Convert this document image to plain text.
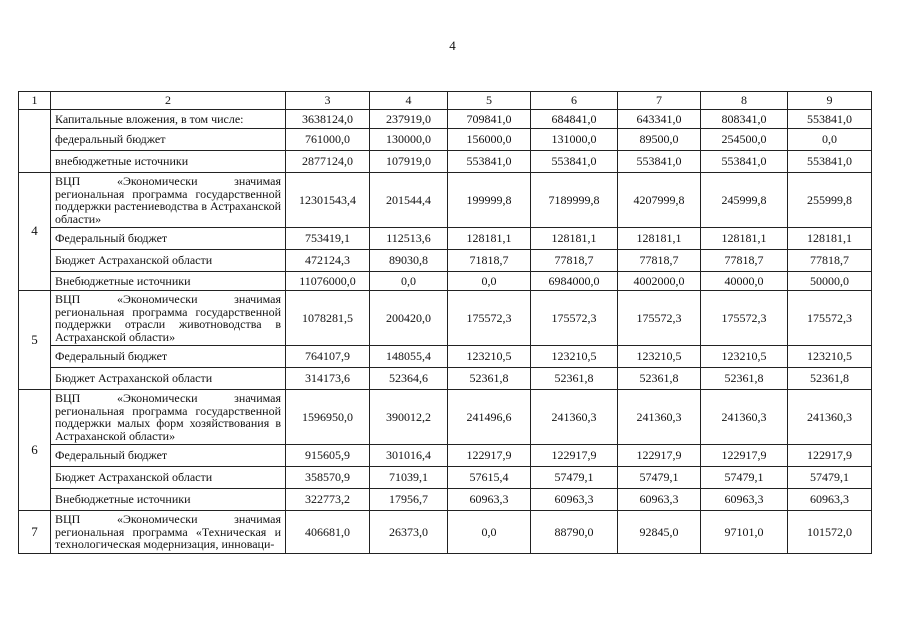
4
1	2	3	4	5	6	7	8	9
	Капитальные вложения, в том числе:	3638124,0	237919,0	709841,0	684841,0	643341,0	808341,0	553841,0
	федеральный бюджет	761000,0	130000,0	156000,0	131000,0	89500,0	254500,0	0,0
	внебюджетные источники	2877124,0	107919,0	553841,0	553841,0	553841,0	553841,0	553841,0
4	ВЦП «Экономически значимая региональная программа государственной поддержки растениеводства в Астраханской области»	12301543,4	201544,4	199999,8	7189999,8	4207999,8	245999,8	255999,8
	Федеральный бюджет	753419,1	112513,6	128181,1	128181,1	128181,1	128181,1	128181,1
	Бюджет Астраханской области	472124,3	89030,8	71818,7	77818,7	77818,7	77818,7	77818,7
	Внебюджетные источники	11076000,0	0,0	0,0	6984000,0	4002000,0	40000,0	50000,0
5	ВЦП «Экономически значимая региональная программа государственной поддержки отрасли животноводства в Астраханской области»	1078281,5	200420,0	175572,3	175572,3	175572,3	175572,3	175572,3
	Федеральный бюджет	764107,9	148055,4	123210,5	123210,5	123210,5	123210,5	123210,5
	Бюджет Астраханской области	314173,6	52364,6	52361,8	52361,8	52361,8	52361,8	52361,8
6	ВЦП «Экономически значимая региональная программа государственной поддержки малых форм хозяйствования в Астраханской области»	1596950,0	390012,2	241496,6	241360,3	241360,3	241360,3	241360,3
	Федеральный бюджет	915605,9	301016,4	122917,9	122917,9	122917,9	122917,9	122917,9
	Бюджет Астраханской области	358570,9	71039,1	57615,4	57479,1	57479,1	57479,1	57479,1
	Внебюджетные источники	322773,2	17956,7	60963,3	60963,3	60963,3	60963,3	60963,3
7	ВЦП «Экономически значимая региональная программа «Техническая и технологическая модернизация, инноваци-	406681,0	26373,0	0,0	88790,0	92845,0	97101,0	101572,0
